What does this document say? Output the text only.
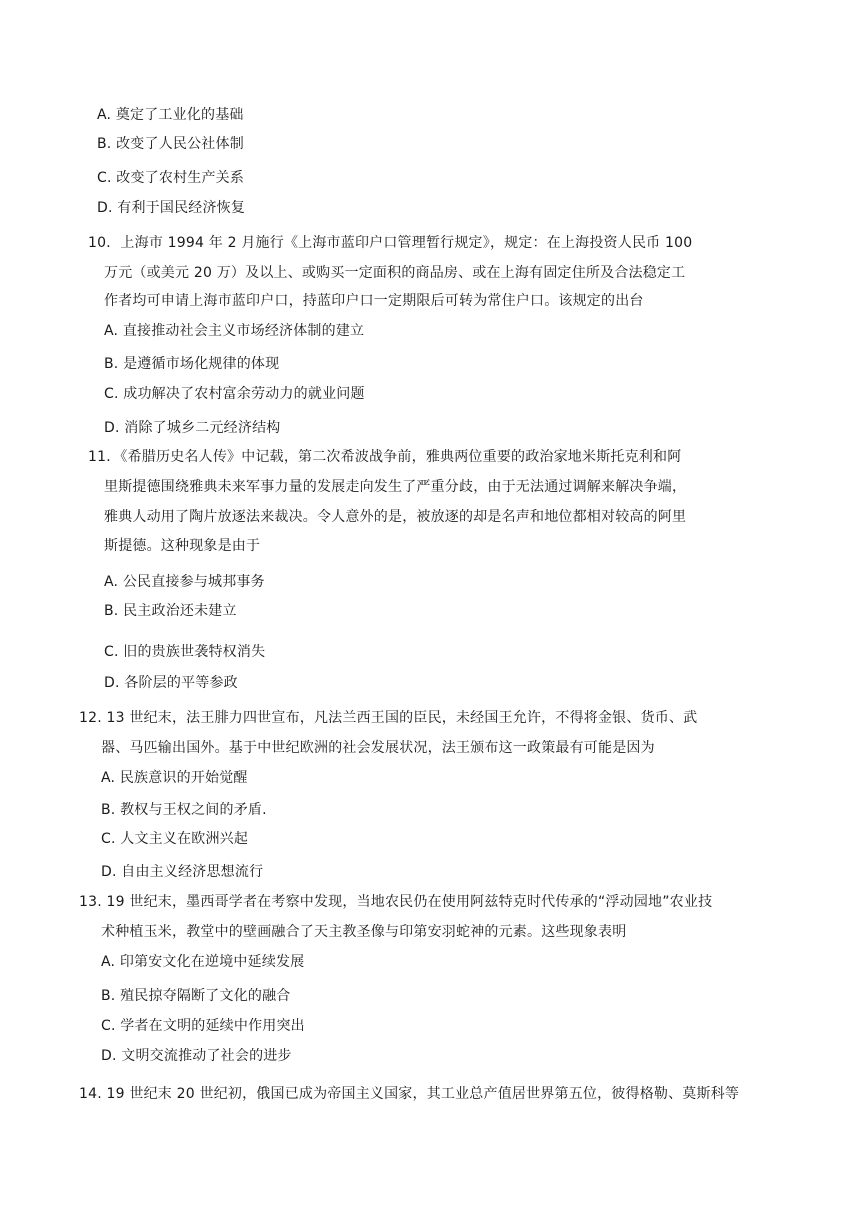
A. 奠定了工业化的基础
B. 改变了人民公社体制
C. 改变了农村生产关系
D. 有利于国民经济恢复
10．上海市 1994 年 2 月施行《上海市蓝印户口管理暂行规定》，规定：在上海投资人民币 100
万元（或美元 20 万）及以上、或购买一定面积的商品房、或在上海有固定住所及合法稳定工
作者均可申请上海市蓝印户口，持蓝印户口一定期限后可转为常住户口。该规定的出台
A. 直接推动社会主义市场经济体制的建立
B. 是遵循市场化规律的体现
C. 成功解决了农村富余劳动力的就业问题
D. 消除了城乡二元经济结构
11．《希腊历史名人传》中记载，第二次希波战争前，雅典两位重要的政治家地米斯托克利和阿
里斯提德围绕雅典未来军事力量的发展走向发生了严重分歧，由于无法通过调解来解决争端，
雅典人动用了陶片放逐法来裁决。令人意外的是，被放逐的却是名声和地位都相对较高的阿里
斯提德。这种现象是由于
A. 公民直接参与城邦事务
B. 民主政治还未建立
C. 旧的贵族世袭特权消失
D. 各阶层的平等参政
12. 13 世纪末，法王腓力四世宣布，凡法兰西王国的臣民，未经国王允许，不得将金银、货币、武
器、马匹输出国外。基于中世纪欧洲的社会发展状况，法王颁布这一政策最有可能是因为
A. 民族意识的开始觉醒
B. 教权与王权之间的矛盾.
C. 人文主义在欧洲兴起
D. 自由主义经济思想流行
13. 19 世纪末，墨西哥学者在考察中发现，当地农民仍在使用阿兹特克时代传承的“浮动园地”农业技
术种植玉米，教堂中的壁画融合了天主教圣像与印第安羽蛇神的元素。这些现象表明
A. 印第安文化在逆境中延续发展
B. 殖民掠夺隔断了文化的融合
C. 学者在文明的延续中作用突出
D. 文明交流推动了社会的进步
14. 19 世纪末 20 世纪初，俄国已成为帝国主义国家，其工业总产值居世界第五位，彼得格勒、莫斯科等
